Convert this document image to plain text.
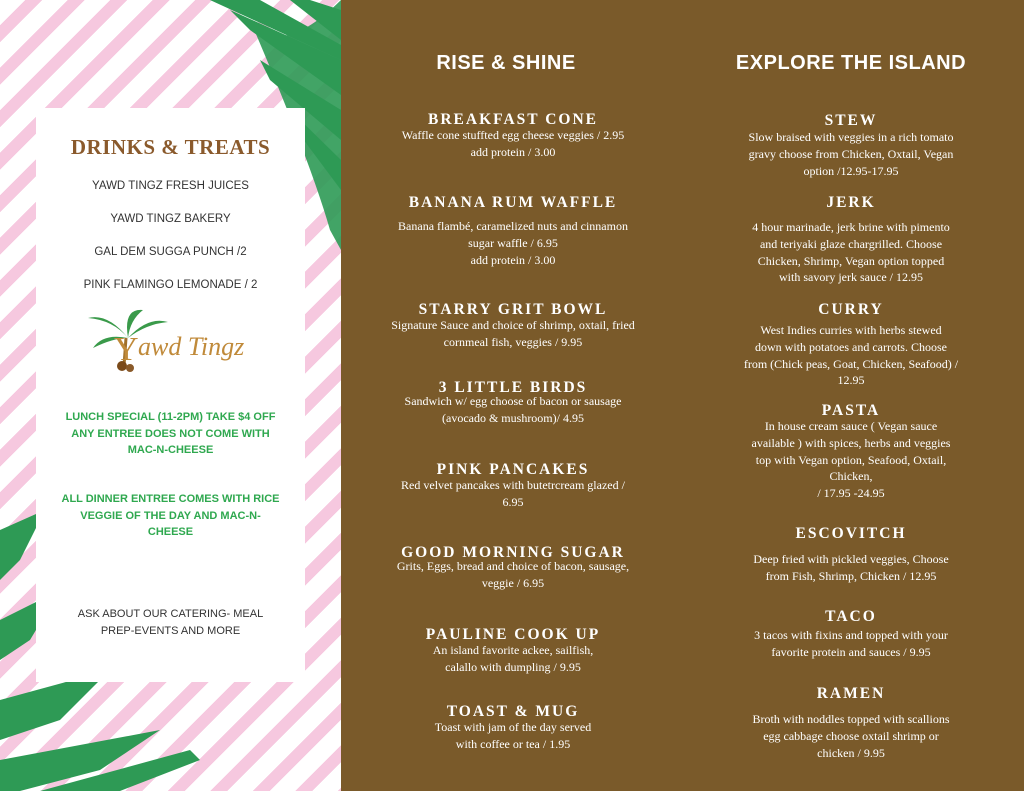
DRINKS & TREATS
YAWD TINGZ FRESH JUICES
YAWD TINGZ BAKERY
GAL DEM SUGGA PUNCH /2
PINK FLAMINGO LEMONADE / 2
Y awd Tingz
LUNCH SPECIAL (11-2PM) TAKE $4 OFF ANY ENTREE DOES NOT COME WITH MAC-N-CHEESE
ALL DINNER ENTREE COMES WITH RICE VEGGIE OF THE DAY AND MAC-N-CHEESE
ASK ABOUT OUR CATERING- MEAL PREP-EVENTS AND MORE
RISE & SHINE	EXPLORE THE ISLAND
BREAKFAST CONE
Waffle cone stuffted egg cheese veggies / 2.95
add protein / 3.00
BANANA RUM WAFFLE
Banana flambé, caramelized nuts and cinnamon
sugar waffle / 6.95
add protein / 3.00
STARRY GRIT BOWL
Signature Sauce and choice of shrimp, oxtail, fried
cornmeal fish, veggies / 9.95
3 LITTLE BIRDS
Sandwich w/ egg choose of bacon or sausage
(avocado & mushroom)/ 4.95
PINK PANCAKES
Red velvet pancakes with butetrcream glazed /
6.95
GOOD MORNING SUGAR
Grits, Eggs, bread and choice of bacon, sausage,
veggie / 6.95
PAULINE COOK UP
An island favorite ackee, sailfish,
calallo with dumpling / 9.95
TOAST & MUG
Toast with jam of the day served
with coffee or tea / 1.95
STEW
Slow braised with veggies in a rich tomato
gravy choose from Chicken, Oxtail, Vegan
option /12.95-17.95
JERK
4 hour marinade, jerk brine with pimento
and teriyaki glaze chargrilled. Choose
Chicken, Shrimp, Vegan option topped
with savory jerk sauce / 12.95
CURRY
West Indies curries with herbs stewed
down with potatoes and carrots. Choose
from (Chick peas, Goat, Chicken, Seafood) /
12.95
PASTA
In house cream sauce ( Vegan sauce
available ) with spices, herbs and veggies
top with Vegan option, Seafood, Oxtail,
Chicken,
/ 17.95 -24.95
ESCOVITCH
Deep fried with pickled veggies, Choose
from Fish, Shrimp, Chicken / 12.95
TACO
3 tacos with fixins and topped with your
favorite protein and sauces / 9.95
RAMEN
Broth with noddles topped with scallions
egg cabbage choose oxtail shrimp or
chicken / 9.95
